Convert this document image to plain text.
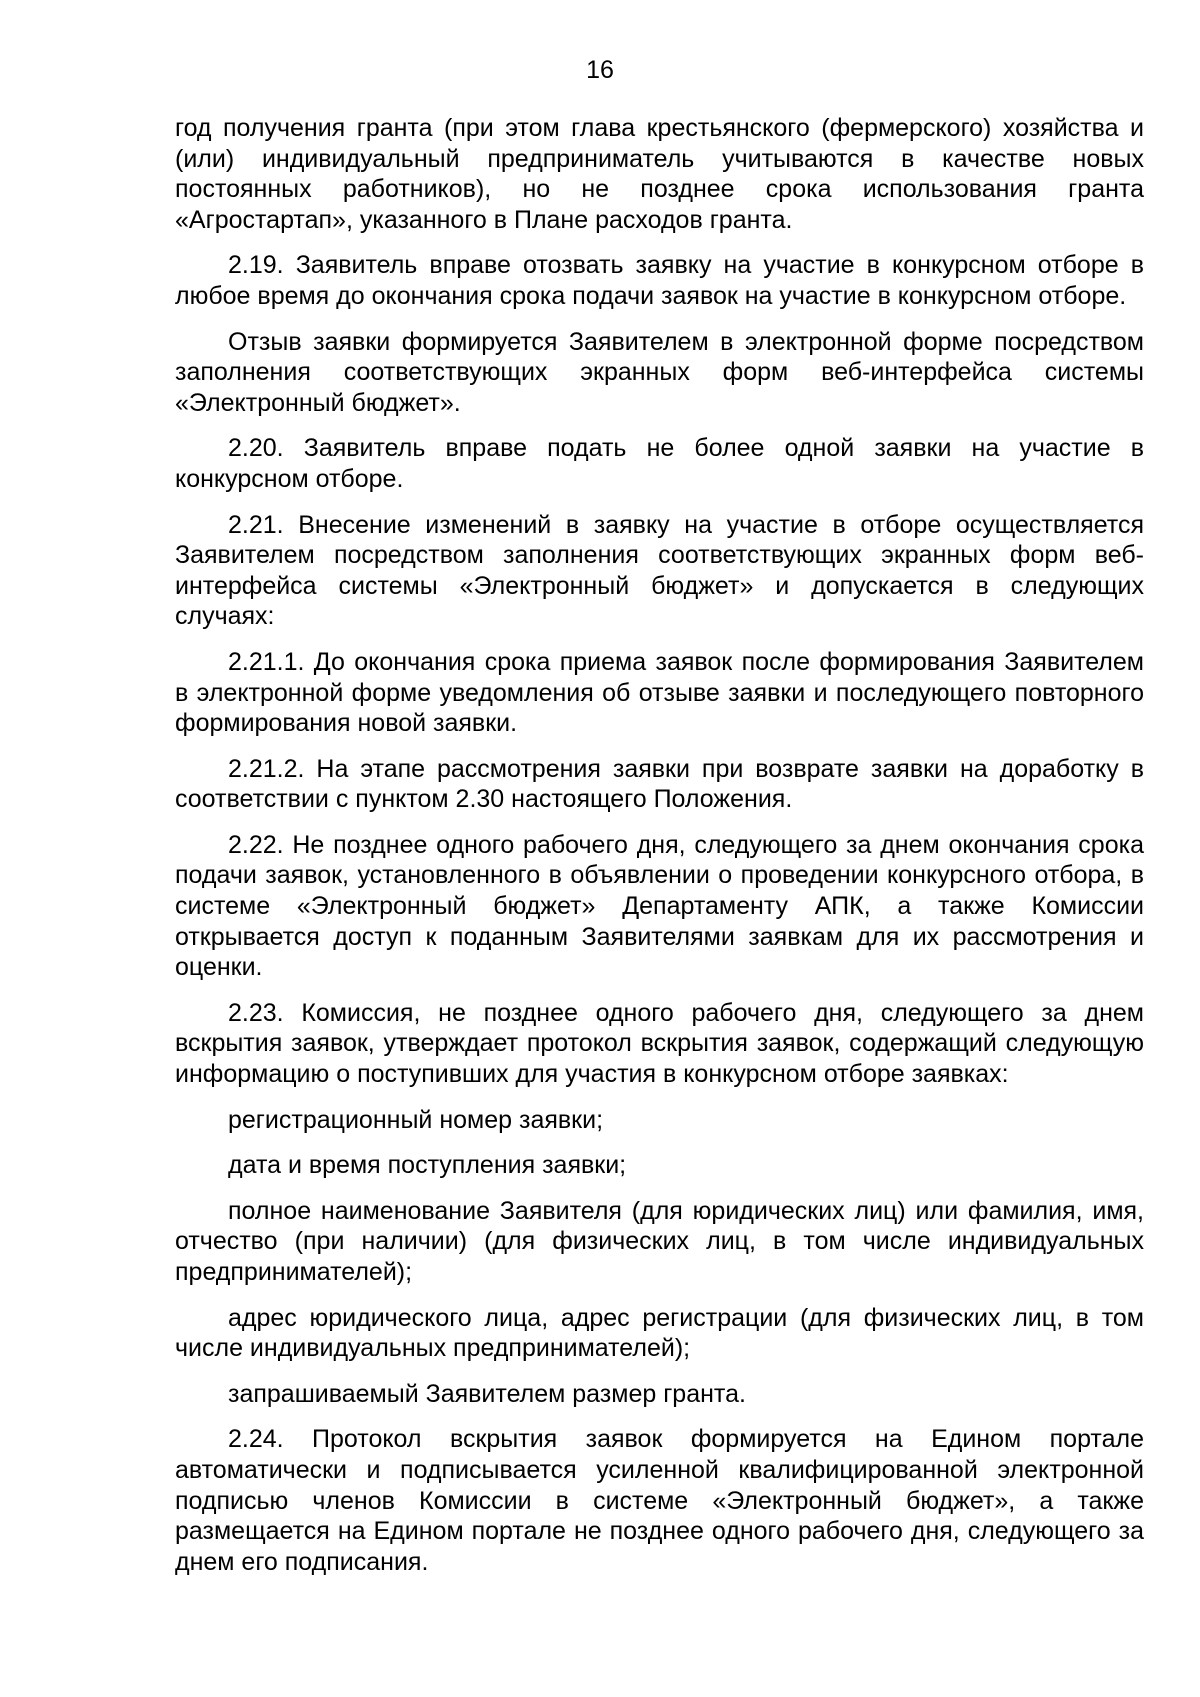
16

год получения гранта (при этом глава крестьянского (фермерского) хозяйства и (или) индивидуальный предприниматель учитываются в качестве новых постоянных работников), но не позднее срока использования гранта «Агростартап», указанного в Плане расходов гранта.

2.19. Заявитель вправе отозвать заявку на участие в конкурсном отборе в любое время до окончания срока подачи заявок на участие в конкурсном отборе.

Отзыв заявки формируется Заявителем в электронной форме посредством заполнения соответствующих экранных форм веб-интерфейса системы «Электронный бюджет».

2.20. Заявитель вправе подать не более одной заявки на участие в конкурсном отборе.

2.21. Внесение изменений в заявку на участие в отборе осуществляется Заявителем посредством заполнения соответствующих экранных форм веб-интерфейса системы «Электронный бюджет» и допускается в следующих случаях:

2.21.1. До окончания срока приема заявок после формирования Заявителем в электронной форме уведомления об отзыве заявки и последующего повторного формирования новой заявки.

2.21.2. На этапе рассмотрения заявки при возврате заявки на доработку в соответствии с пунктом 2.30 настоящего Положения.

2.22. Не позднее одного рабочего дня, следующего за днем окончания срока подачи заявок, установленного в объявлении о проведении конкурсного отбора, в системе «Электронный бюджет» Департаменту АПК, а также Комиссии открывается доступ к поданным Заявителями заявкам для их рассмотрения и оценки.

2.23. Комиссия, не позднее одного рабочего дня, следующего за днем вскрытия заявок, утверждает протокол вскрытия заявок, содержащий следующую информацию о поступивших для участия в конкурсном отборе заявках:

регистрационный номер заявки;

дата и время поступления заявки;

полное наименование Заявителя (для юридических лиц) или фамилия, имя, отчество (при наличии) (для физических лиц, в том числе индивидуальных предпринимателей);

адрес юридического лица, адрес регистрации (для физических лиц, в том числе индивидуальных предпринимателей);

запрашиваемый Заявителем размер гранта.

2.24. Протокол вскрытия заявок формируется на Едином портале автоматически и подписывается усиленной квалифицированной электронной подписью членов Комиссии в системе «Электронный бюджет», а также размещается на Едином портале не позднее одного рабочего дня, следующего за днем его подписания.
